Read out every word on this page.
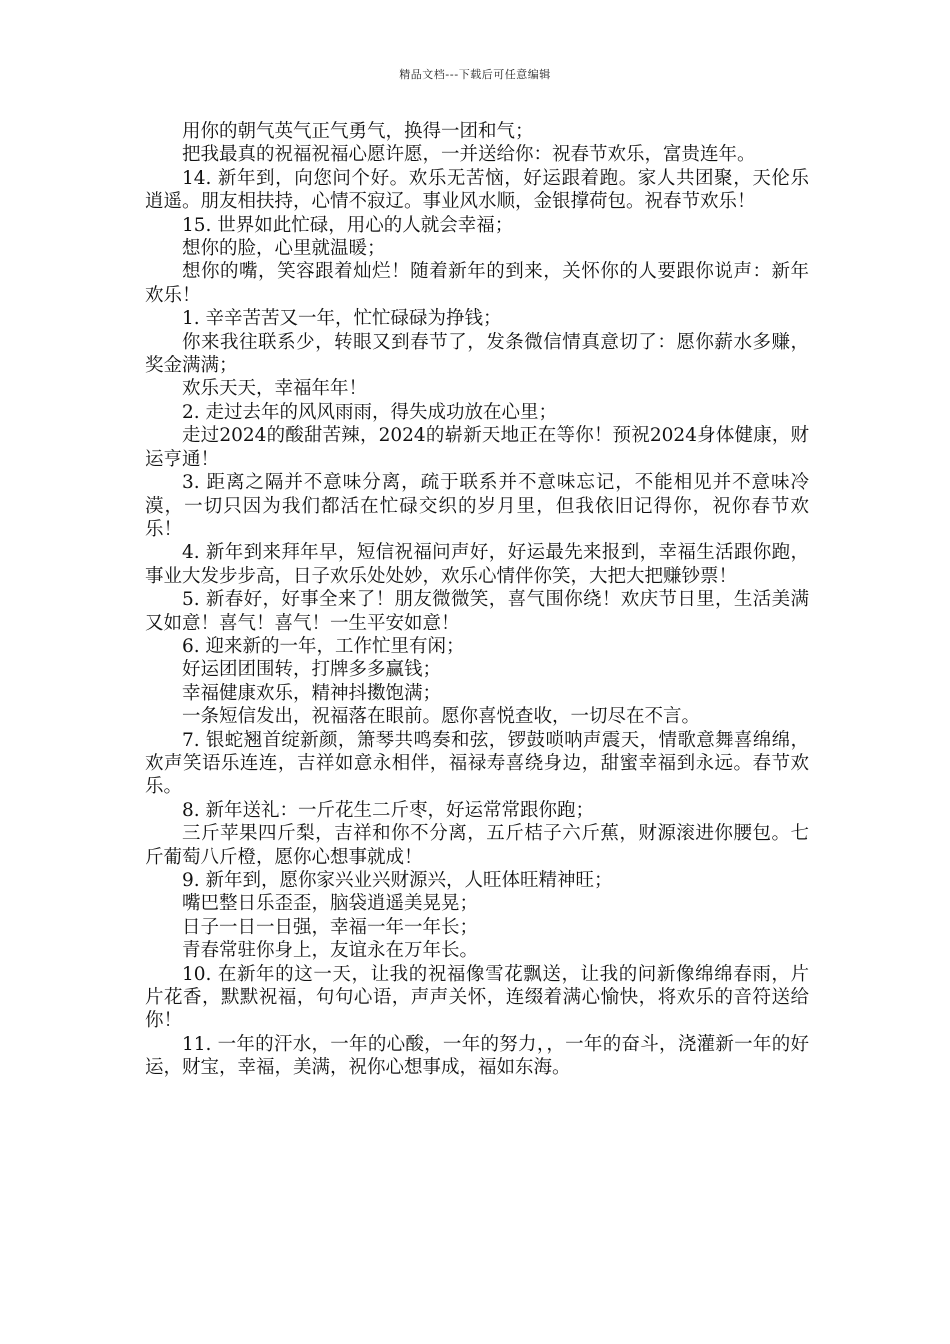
精品文档---下载后可任意编辑

用你的朝气英气正气勇气，换得一团和气；

把我最真的祝福祝福心愿许愿，一并送给你：祝春节欢乐，富贵连年。

14. 新年到，向您问个好。欢乐无苦恼，好运跟着跑。家人共团聚，天伦乐逍遥。朋友相扶持，心情不寂辽。事业风水顺，金银撑荷包。祝春节欢乐！

15. 世界如此忙碌，用心的人就会幸福；

想你的脸，心里就温暖；

想你的嘴，笑容跟着灿烂！随着新年的到来，关怀你的人要跟你说声：新年欢乐！

1. 辛辛苦苦又一年，忙忙碌碌为挣钱；

你来我往联系少，转眼又到春节了，发条微信情真意切了：愿你薪水多赚，奖金满满；

欢乐天天，幸福年年！

2. 走过去年的风风雨雨，得失成功放在心里；

走过2024的酸甜苦辣，2024的崭新天地正在等你！预祝2024身体健康，财运亨通！

3. 距离之隔并不意味分离，疏于联系并不意味忘记，不能相见并不意味冷漠，一切只因为我们都活在忙碌交织的岁月里，但我依旧记得你，祝你春节欢乐！

4. 新年到来拜年早，短信祝福问声好，好运最先来报到，幸福生活跟你跑，事业大发步步高，日子欢乐处处妙，欢乐心情伴你笑，大把大把赚钞票！

5. 新春好，好事全来了！朋友微微笑，喜气围你绕！欢庆节日里，生活美满又如意！喜气！喜气！一生平安如意！

6. 迎来新的一年，工作忙里有闲；

好运团团围转，打牌多多赢钱；

幸福健康欢乐，精神抖擞饱满；

一条短信发出，祝福落在眼前。愿你喜悦查收，一切尽在不言。

7. 银蛇翘首绽新颜，箫琴共鸣奏和弦，锣鼓唢呐声震天，情歌意舞喜绵绵，欢声笑语乐连连，吉祥如意永相伴，福禄寿喜绕身边，甜蜜幸福到永远。春节欢乐。

8. 新年送礼：一斤花生二斤枣，好运常常跟你跑；

三斤苹果四斤梨，吉祥和你不分离，五斤桔子六斤蕉，财源滚进你腰包。七斤葡萄八斤橙，愿你心想事就成！

9. 新年到，愿你家兴业兴财源兴，人旺体旺精神旺；

嘴巴整日乐歪歪，脑袋逍遥美晃晃；

日子一日一日强，幸福一年一年长；

青春常驻你身上，友谊永在万年长。

10. 在新年的这一天，让我的祝福像雪花飘送，让我的问新像绵绵春雨，片片花香，默默祝福，句句心语，声声关怀，连缀着满心愉快，将欢乐的音符送给你！

11. 一年的汗水，一年的心酸，一年的努力，，一年的奋斗，浇灌新一年的好运，财宝，幸福，美满，祝你心想事成，福如东海。
